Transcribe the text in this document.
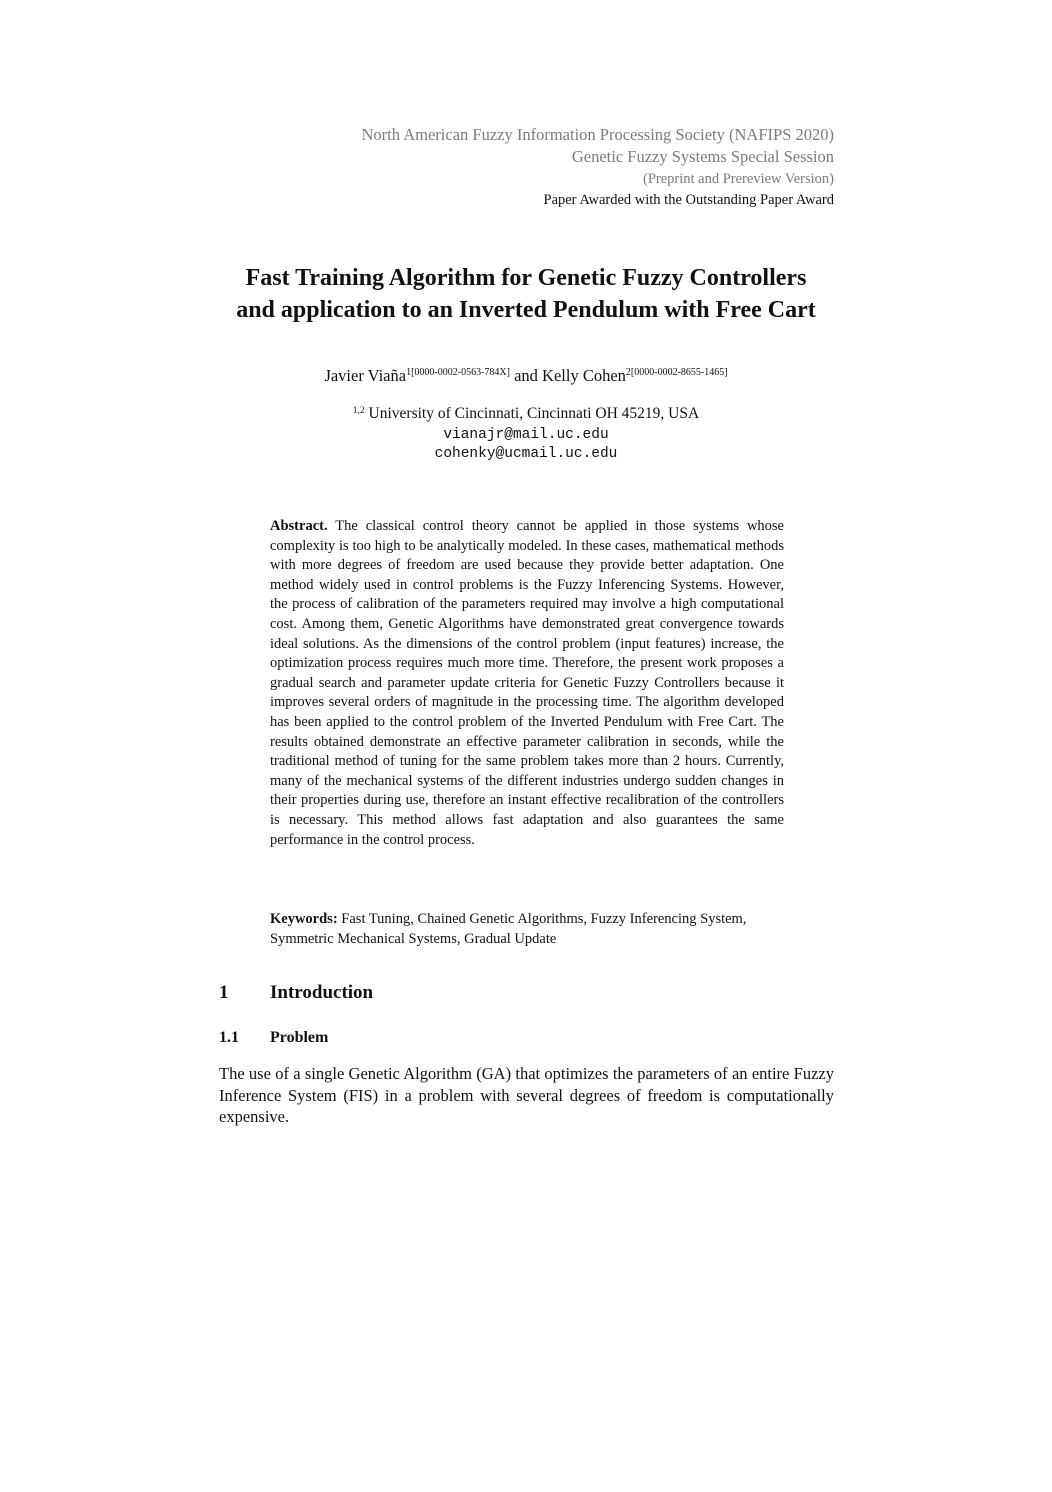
North American Fuzzy Information Processing Society (NAFIPS 2020)
Genetic Fuzzy Systems Special Session
(Preprint and Prereview Version)
Paper Awarded with the Outstanding Paper Award
Fast Training Algorithm for Genetic Fuzzy Controllers
and application to an Inverted Pendulum with Free Cart
Javier Viaña$^{1[0000-0002-0563-784X]}$ and Kelly Cohen$^{2[0000-0002-8655-1465]}$
$^{1,2}$ University of Cincinnati, Cincinnati OH 45219, USA
vianajr@mail.uc.edu
cohenky@ucmail.uc.edu
Abstract. The classical control theory cannot be applied in those systems whose complexity is too high to be analytically modeled. In these cases, mathematical methods with more degrees of freedom are used because they provide better adaptation. One method widely used in control problems is the Fuzzy Inferencing Systems. However, the process of calibration of the parameters required may involve a high computational cost. Among them, Genetic Algorithms have demonstrated great convergence towards ideal solutions. As the dimensions of the control problem (input features) increase, the optimization process requires much more time. Therefore, the present work proposes a gradual search and parameter update criteria for Genetic Fuzzy Controllers because it improves several orders of magnitude in the processing time. The algorithm developed has been applied to the control problem of the Inverted Pendulum with Free Cart. The results obtained demonstrate an effective parameter calibration in seconds, while the traditional method of tuning for the same problem takes more than 2 hours. Currently, many of the mechanical systems of the different industries undergo sudden changes in their properties during use, therefore an instant effective recalibration of the controllers is necessary. This method allows fast adaptation and also guarantees the same performance in the control process.
Keywords: Fast Tuning, Chained Genetic Algorithms, Fuzzy Inferencing System, Symmetric Mechanical Systems, Gradual Update
1 Introduction
1.1 Problem
The use of a single Genetic Algorithm (GA) that optimizes the parameters of an entire Fuzzy Inference System (FIS) in a problem with several degrees of freedom is computationally expensive.
